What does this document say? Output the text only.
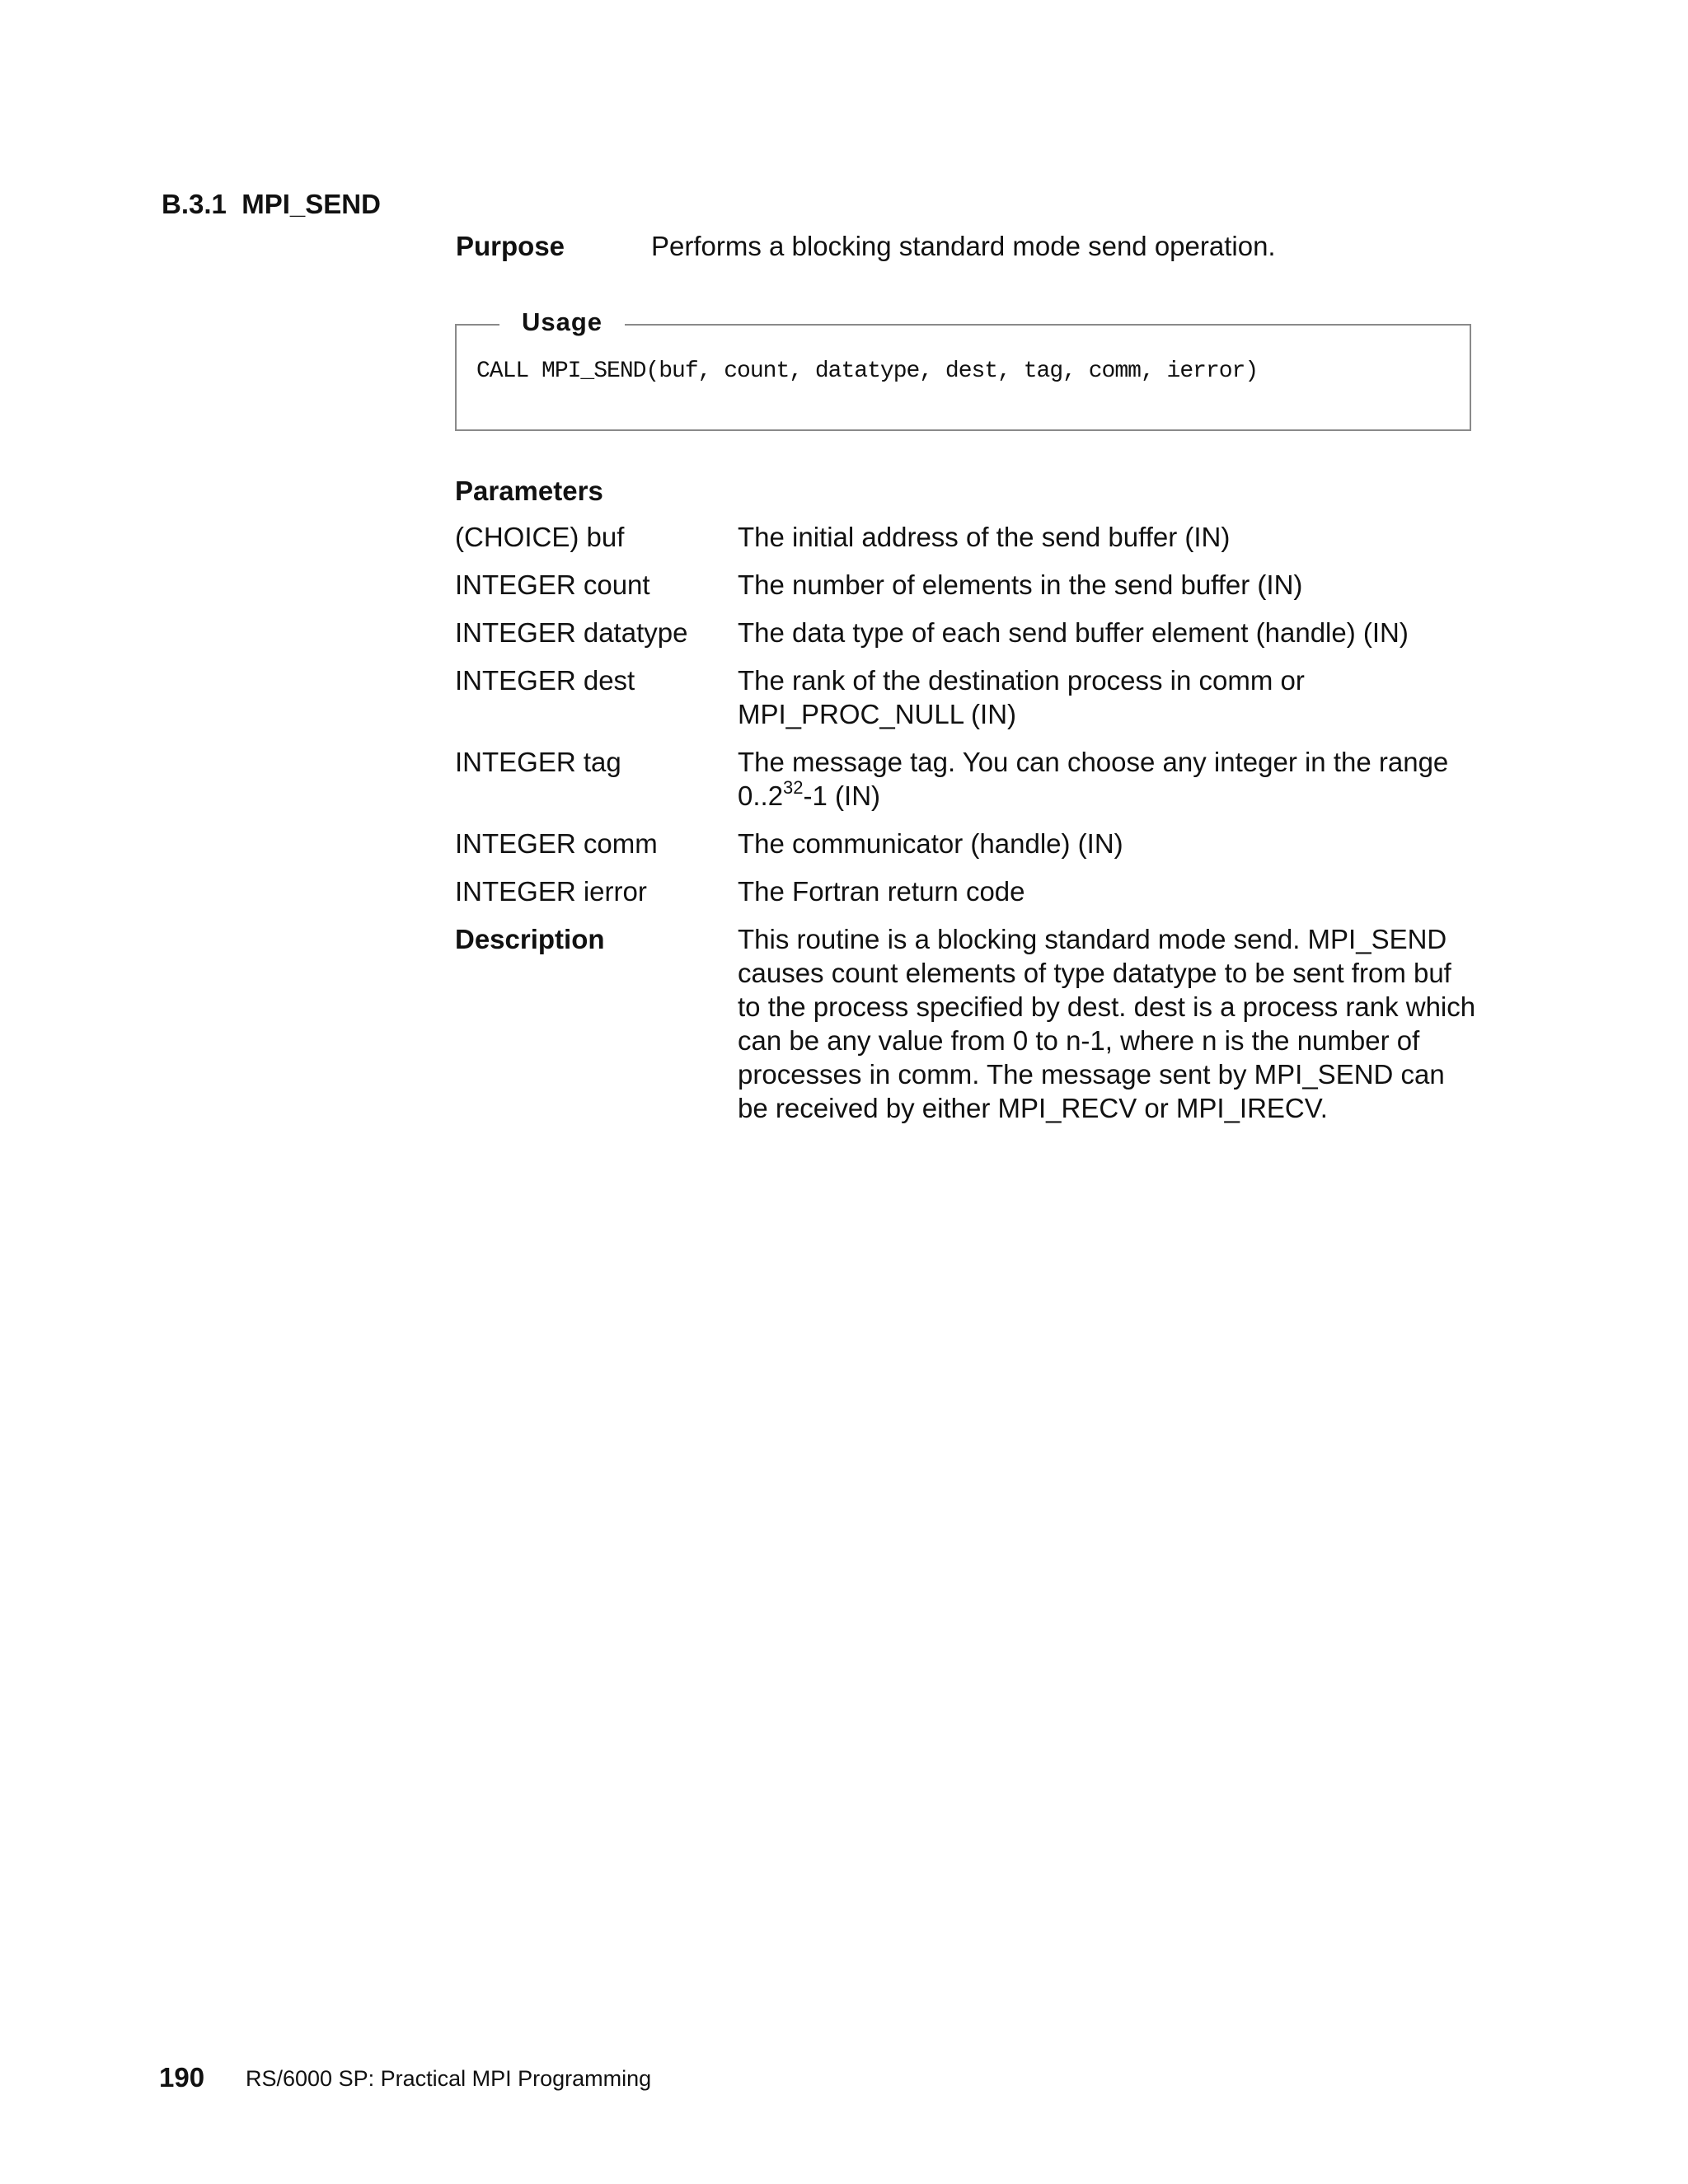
B.3.1 MPI_SEND
Purpose	Performs a blocking standard mode send operation.
Usage
CALL MPI_SEND(buf, count, datatype, dest, tag, comm, ierror)
Parameters
(CHOICE) buf	The initial address of the send buffer (IN)
INTEGER count	The number of elements in the send buffer (IN)
INTEGER datatype The data type of each send buffer element (handle) (IN)
INTEGER dest	The rank of the destination process in comm or MPI_PROC_NULL (IN)
INTEGER tag	The message tag. You can choose any integer in the range
0..2$^{32}$-1 (IN)
INTEGER comm	The communicator (handle) (IN)
INTEGER ierror	The Fortran return code
Description	This routine is a blocking standard mode send. MPI_SEND causes count elements of type datatype to be sent from buf to the process specified by dest. dest is a process rank which can be any value from 0 to n-1, where n is the number of processes in comm. The message sent by MPI_SEND can be received by either MPI_RECV or MPI_IRECV.
190 RS/6000 SP: Practical MPI Programming
